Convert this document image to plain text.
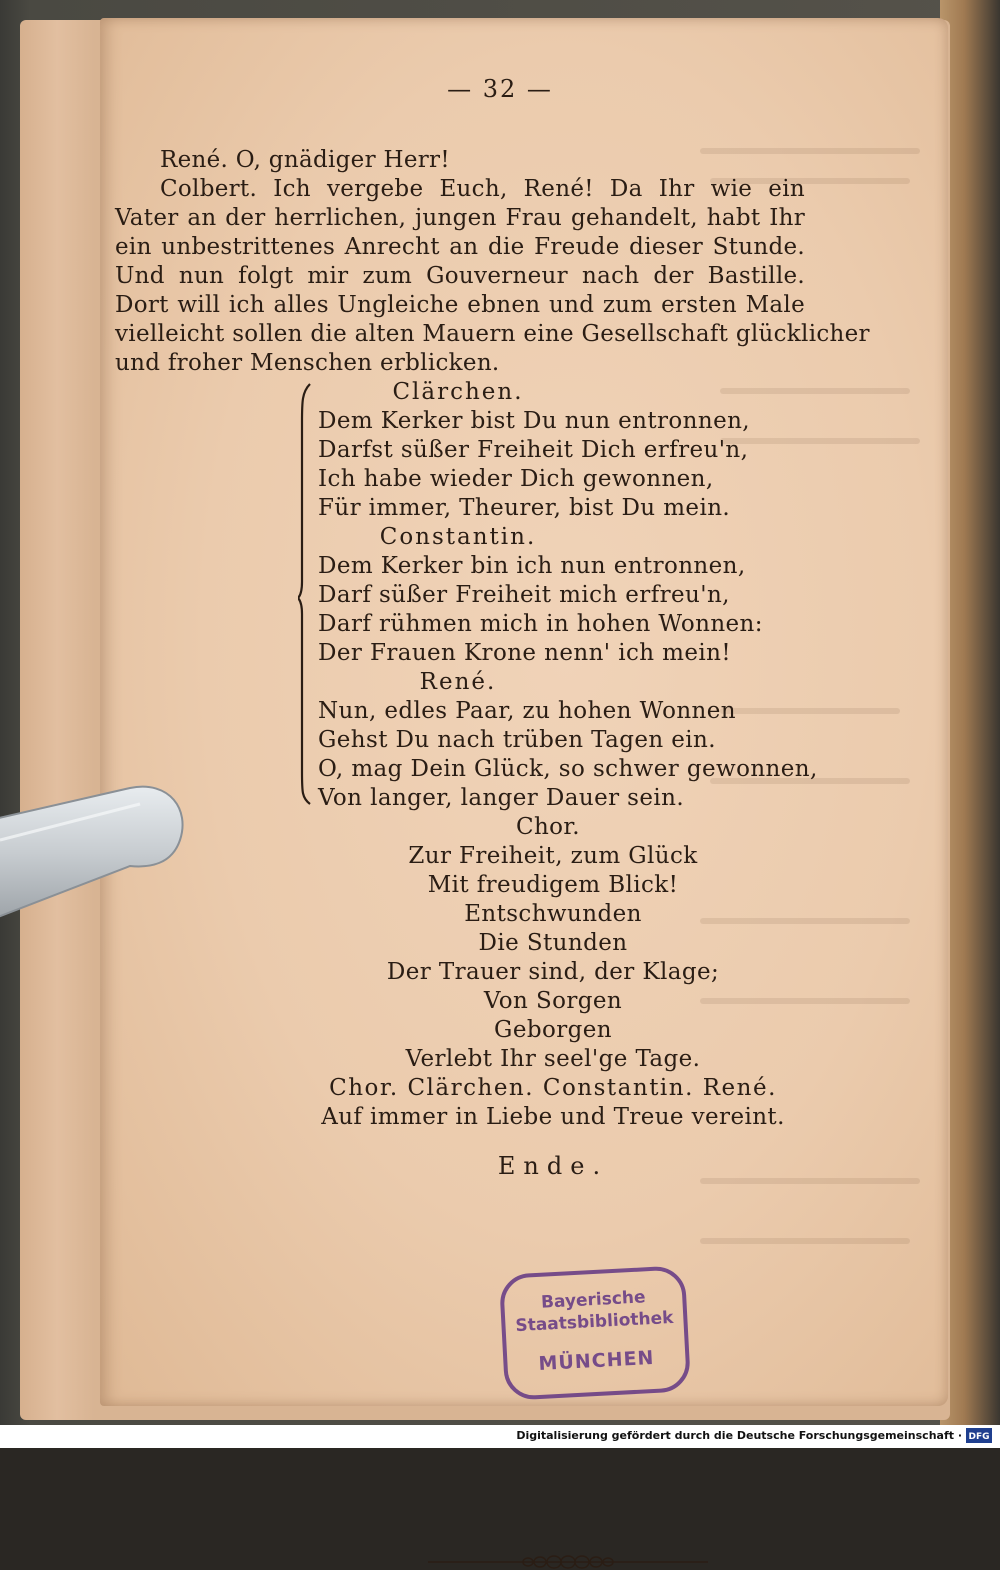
— 32 —
René. O, gnädiger Herr!
Colbert. Ich vergebe Euch, René! Da Ihr wie ein
Vater an der herrlichen, jungen Frau gehandelt, habt Ihr
ein unbestrittenes Anrecht an die Freude dieser Stunde.
Und nun folgt mir zum Gouverneur nach der Bastille.
Dort will ich alles Ungleiche ebnen und zum ersten Male
vielleicht sollen die alten Mauern eine Gesellschaft glücklicher
und froher Menschen erblicken.
Clärchen.
Dem Kerker bist Du nun entronnen,
Darfst süßer Freiheit Dich erfreu'n,
Ich habe wieder Dich gewonnen,
Für immer, Theurer, bist Du mein.
Constantin.
Dem Kerker bin ich nun entronnen,
Darf süßer Freiheit mich erfreu'n,
Darf rühmen mich in hohen Wonnen:
Der Frauen Krone nenn' ich mein!
René.
Nun, edles Paar, zu hohen Wonnen
Gehst Du nach trüben Tagen ein.
O, mag Dein Glück, so schwer gewonnen,
Von langer, langer Dauer sein.
Chor.
Zur Freiheit, zum Glück
Mit freudigem Blick!
Entschwunden
Die Stunden
Der Trauer sind, der Klage;
Von Sorgen
Geborgen
Verlebt Ihr seel'ge Tage.
Chor. Clärchen. Constantin. René.
Auf immer in Liebe und Treue vereint.
Ende.
Bayerische
Staatsbibliothek
MÜNCHEN
Digitalisierung gefördert durch die Deutsche Forschungsgemeinschaft · DFG
